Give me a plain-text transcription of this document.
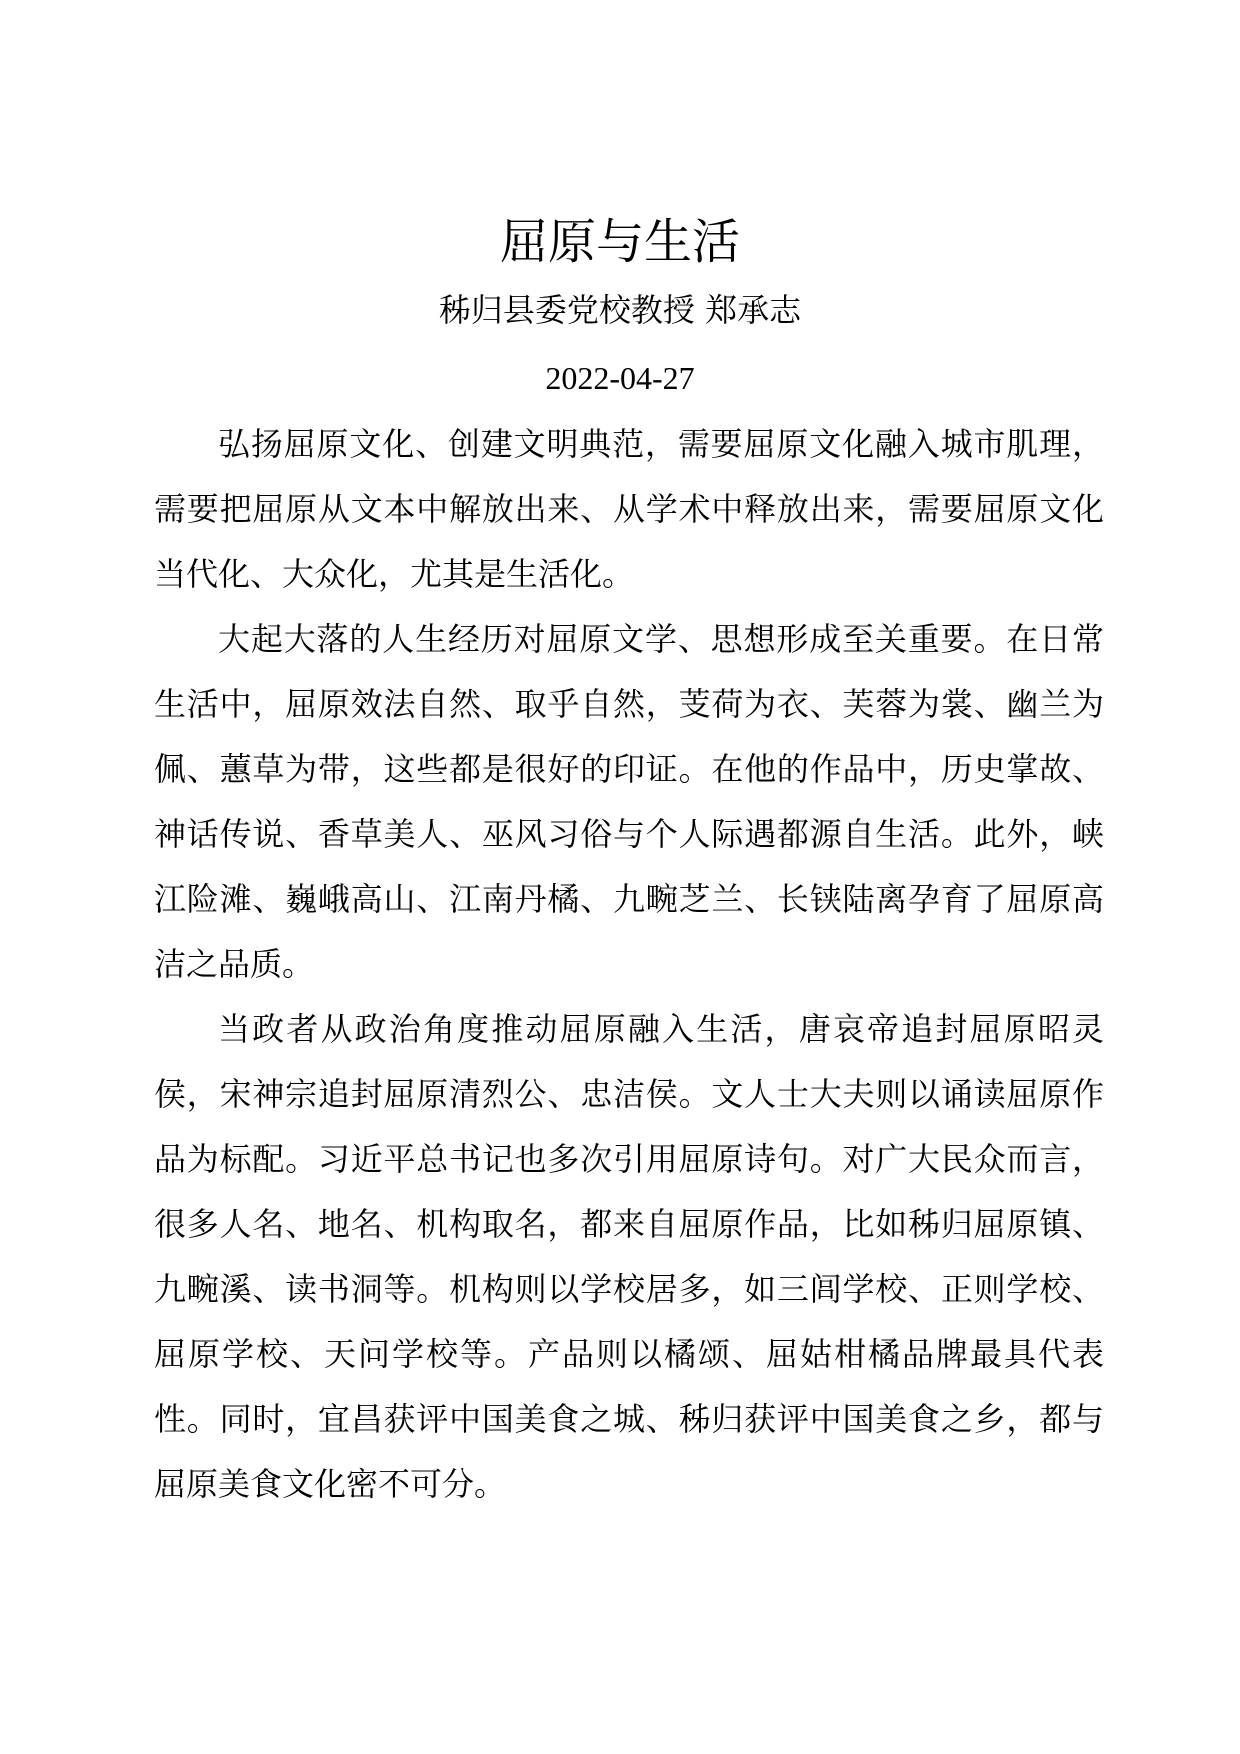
屈原与生活
秭归县委党校教授 郑承志
2022-04-27

弘扬屈原文化、创建文明典范，需要屈原文化融入城市肌理，需要把屈原从文本中解放出来、从学术中释放出来，需要屈原文化当代化、大众化，尤其是生活化。

大起大落的人生经历对屈原文学、思想形成至关重要。在日常生活中，屈原效法自然、取乎自然，芰荷为衣、芙蓉为裳、幽兰为佩、蕙草为带，这些都是很好的印证。在他的作品中，历史掌故、神话传说、香草美人、巫风习俗与个人际遇都源自生活。此外，峡江险滩、巍峨高山、江南丹橘、九畹芝兰、长铗陆离孕育了屈原高洁之品质。

当政者从政治角度推动屈原融入生活，唐哀帝追封屈原昭灵侯，宋神宗追封屈原清烈公、忠洁侯。文人士大夫则以诵读屈原作品为标配。习近平总书记也多次引用屈原诗句。对广大民众而言，很多人名、地名、机构取名，都来自屈原作品，比如秭归屈原镇、九畹溪、读书洞等。机构则以学校居多，如三闾学校、正则学校、屈原学校、天问学校等。产品则以橘颂、屈姑柑橘品牌最具代表性。同时，宜昌获评中国美食之城、秭归获评中国美食之乡，都与屈原美食文化密不可分。
